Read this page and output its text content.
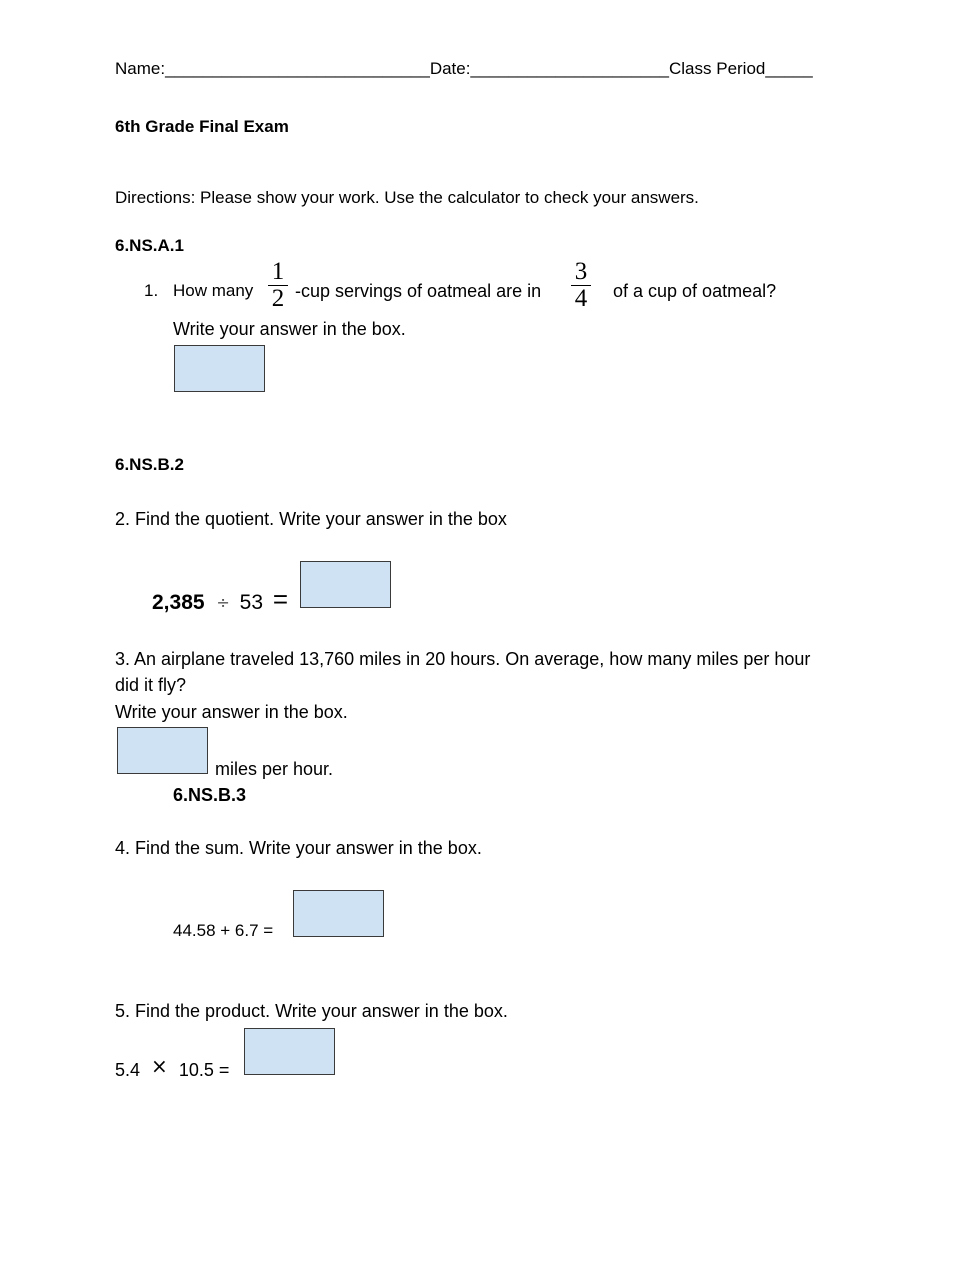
Name:____________________________Date:_____________________Class Period_____
6th Grade Final Exam
Directions: Please show your work. Use the calculator to check your answers.
6.NS.A.1
1. How many
1
2 -cup servings of oatmeal are in
3
4	of a cup of oatmeal?
Write your answer in the box.
6.NS.B.2
2. Find the quotient. Write your answer in the box
2,385 ÷ 53 =
3. An airplane traveled 13,760 miles in 20 hours. On average, how many miles per hour
did it fly?
Write your answer in the box.
miles per hour.
6.NS.B.3
4. Find the sum. Write your answer in the box.
44.58 + 6.7 =
5. Find the product. Write your answer in the box.
5.4 × 10.5 =
